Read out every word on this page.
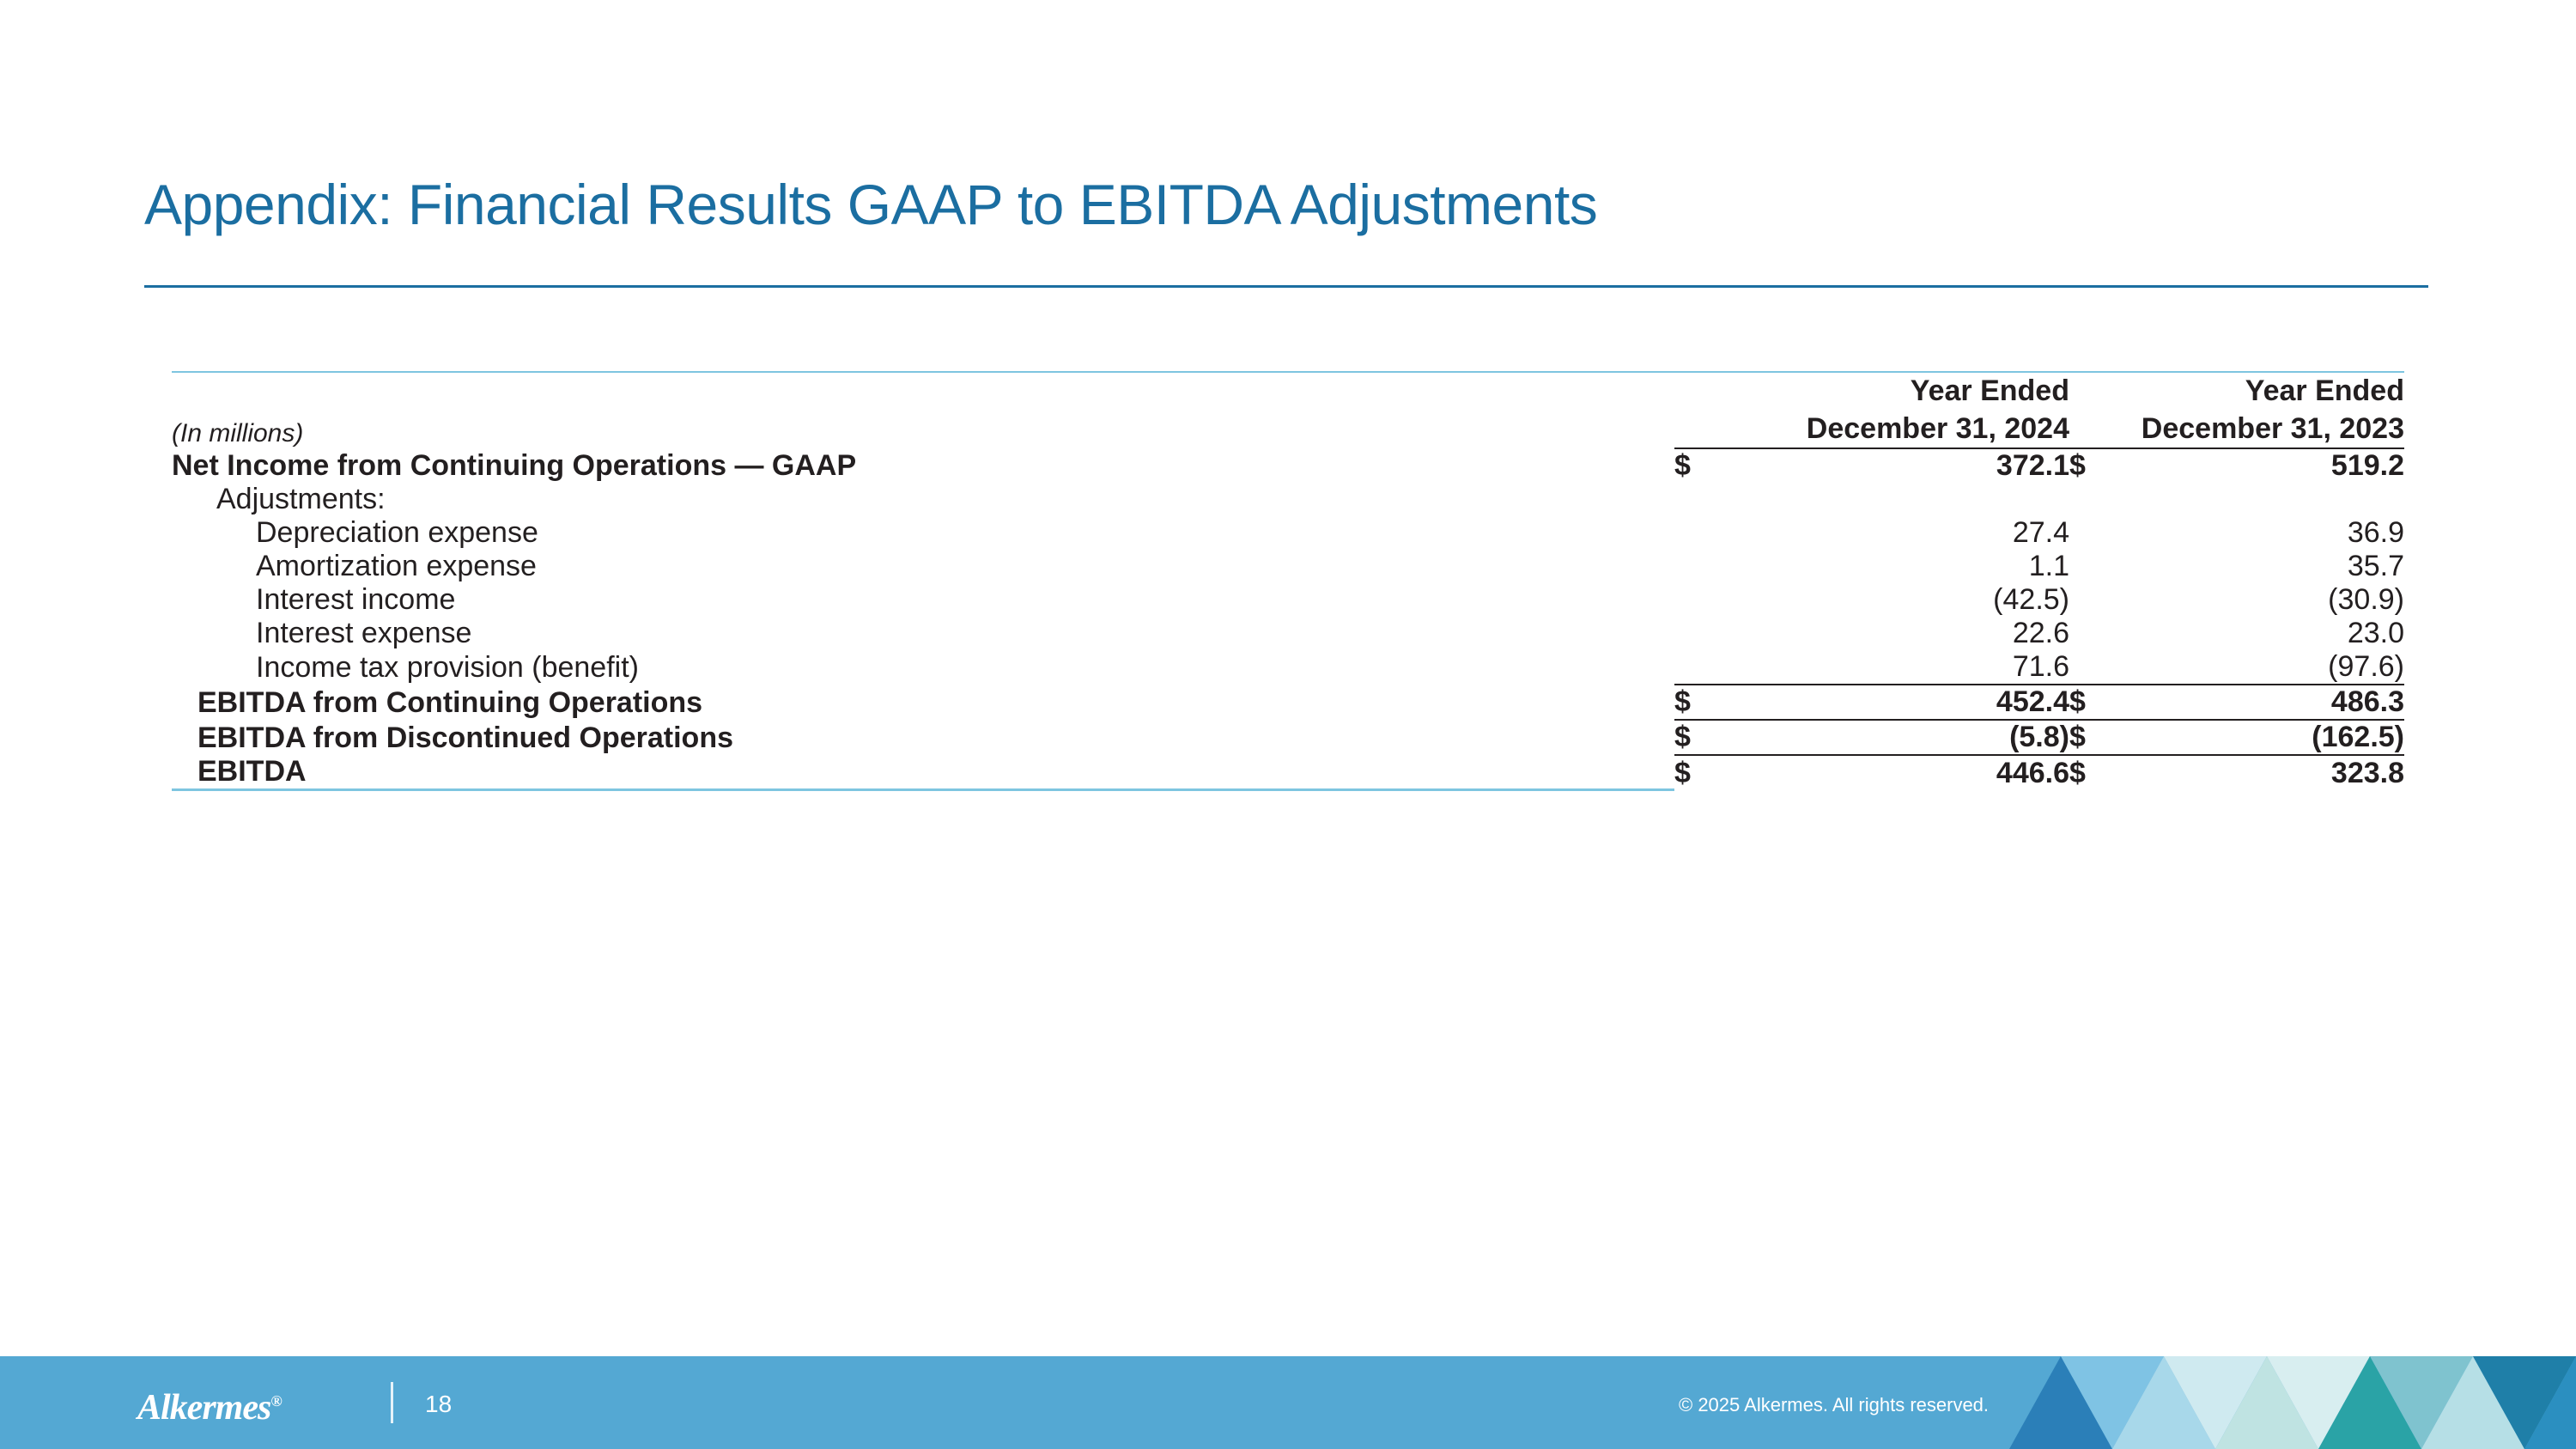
Appendix: Financial Results GAAP to EBITDA Adjustments

	Year Ended		Year Ended	
(In millions)	December 31, 2024		December 31, 2023	
Net Income from Continuing Operations — GAAP	$	372.1	$	519.2
Adjustments:				
Depreciation expense		27.4		36.9
Amortization expense		1.1		35.7
Interest income		(42.5)		(30.9)
Interest expense		22.6		23.0
Income tax provision (benefit)		71.6		(97.6)
EBITDA from Continuing Operations	$	452.4	$	486.3
EBITDA from Discontinued Operations	$	(5.8)	$	(162.5)
EBITDA	$	446.6	$	323.8
Alkermes®	18	© 2025 Alkermes. All rights reserved.
